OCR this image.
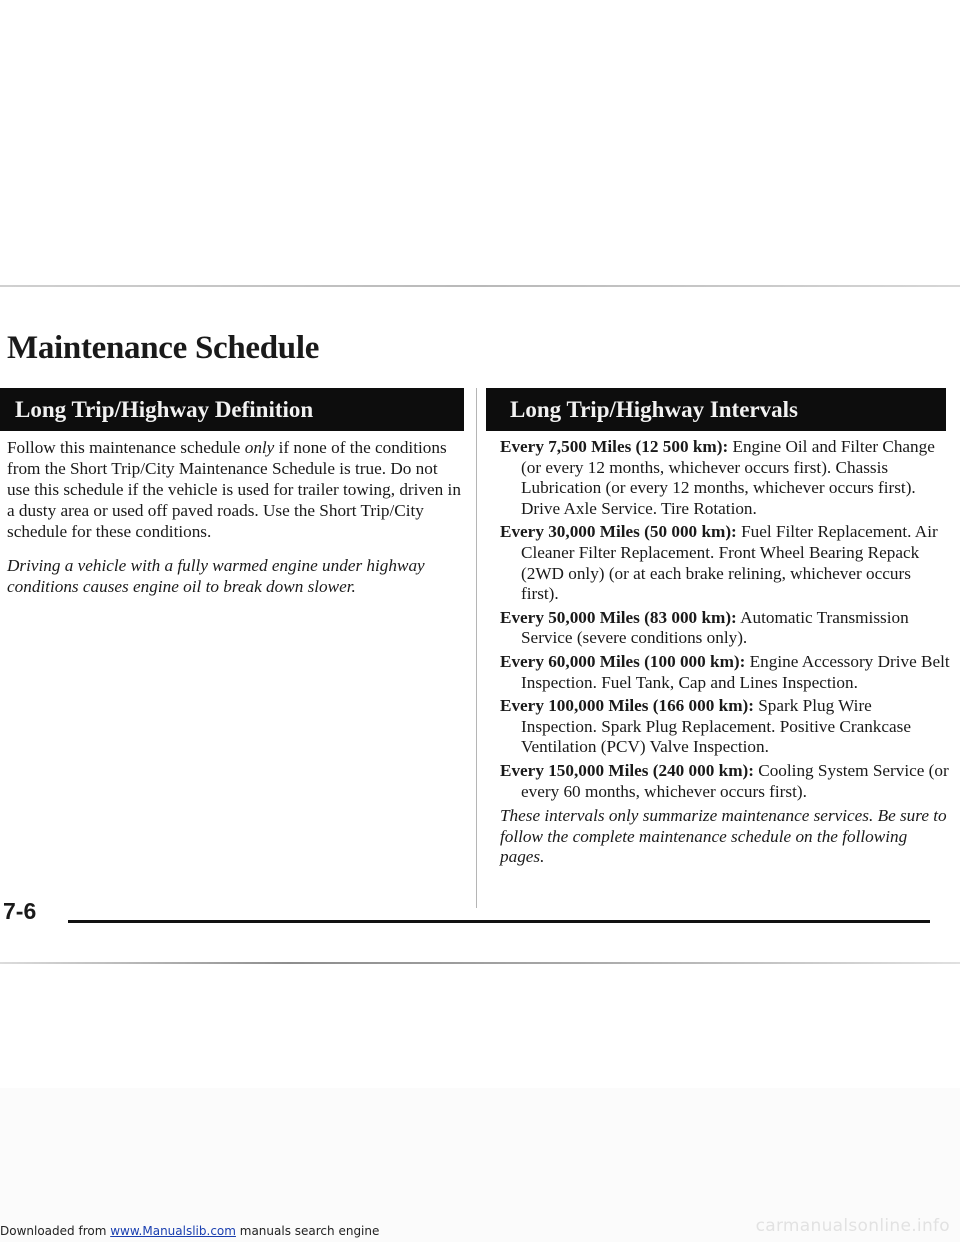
Maintenance Schedule
Long Trip/Highway Definition	Long Trip/Highway Intervals

Follow this maintenance schedule only if none of the conditions from the Short Trip/City Maintenance Schedule is true. Do not use this schedule if the vehicle is used for trailer towing, driven in a dusty area or used off paved roads. Use the Short Trip/City schedule for these conditions.

Driving a vehicle with a fully warmed engine under highway conditions causes engine oil to break down slower.

Every 7,500 Miles (12 500 km): Engine Oil and Filter Change (or every 12 months, whichever occurs first). Chassis Lubrication (or every 12 months, whichever occurs first). Drive Axle Service. Tire Rotation.

Every 30,000 Miles (50 000 km): Fuel Filter Replacement. Air Cleaner Filter Replacement. Front Wheel Bearing Repack (2WD only) (or at each brake relining, whichever occurs first).

Every 50,000 Miles (83 000 km): Automatic Transmission Service (severe conditions only).

Every 60,000 Miles (100 000 km): Engine Accessory Drive Belt Inspection. Fuel Tank, Cap and Lines Inspection.

Every 100,000 Miles (166 000 km): Spark Plug Wire Inspection. Spark Plug Replacement. Positive Crankcase Ventilation (PCV) Valve Inspection.

Every 150,000 Miles (240 000 km): Cooling System Service (or every 60 months, whichever occurs first).

These intervals only summarize maintenance services. Be sure to follow the complete maintenance schedule on the following pages.

7-6
Downloaded from www.Manualslib.com manuals search engine	carmanualsonline.info
